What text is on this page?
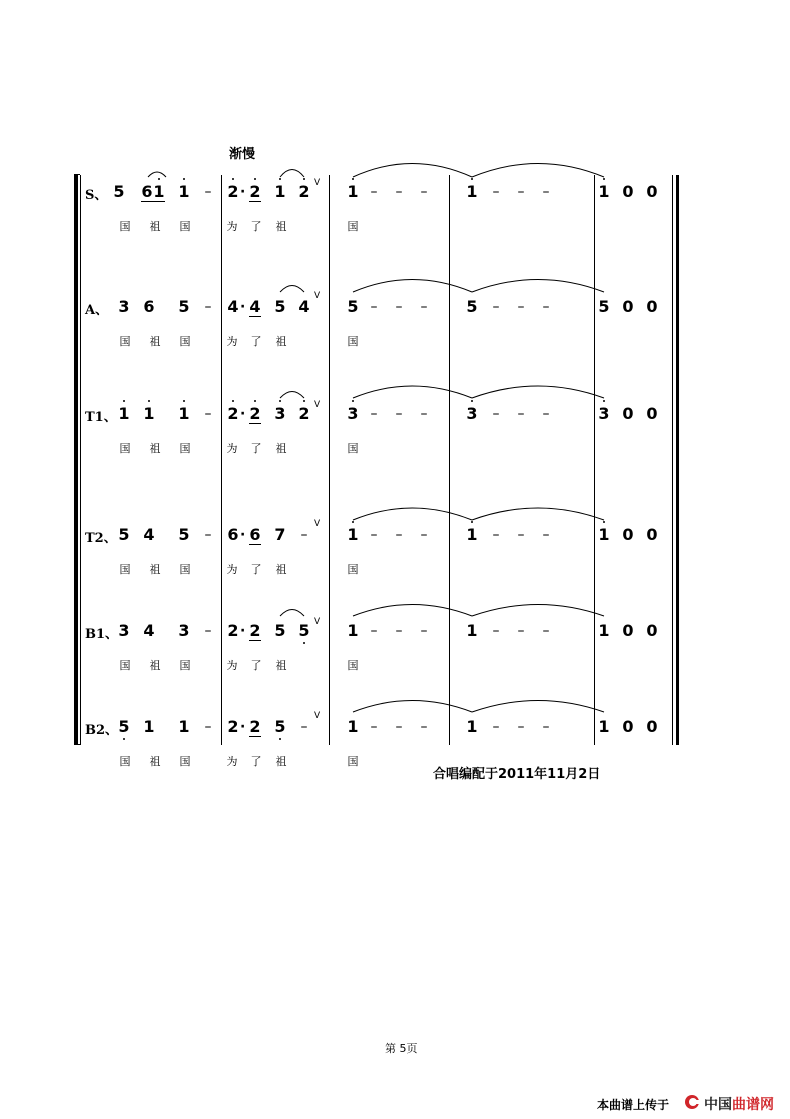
渐慢
S、 5 6 1 1 – 2 · 2 1 2 V 1 – – – 1 – – –	1 0 0
国 祖 国	为 了 祖	国
A、 3 6 5 – 4 · 4 5 4
V
5 – – – 5 – – –	5 0 0
国 祖 国	为 了 祖	国
T1、 1 1 1 – 2 · 2 3 2 V 3 – – – 3 – – –	3 0 0
国 祖 国	为 了 祖	国
T2、 5 4 5 – 6 · 6 7 –
V
1 – – – 1 – – –	1 0 0
国 祖 国	为 了 祖	国
B1、 3 4 3 – 2 · 2 5 5 V 1 – – – 1 – – –	1 0 0
国 祖 国	为 了 祖	国
B2、 5 1 1 – 2 · 2 5 –
V
1 – – – 1 – – –	1 0 0
国 祖 国	为 了 祖	国
合唱编配于2011年11月2日
第 5页
本曲谱上传于 中国曲谱网
